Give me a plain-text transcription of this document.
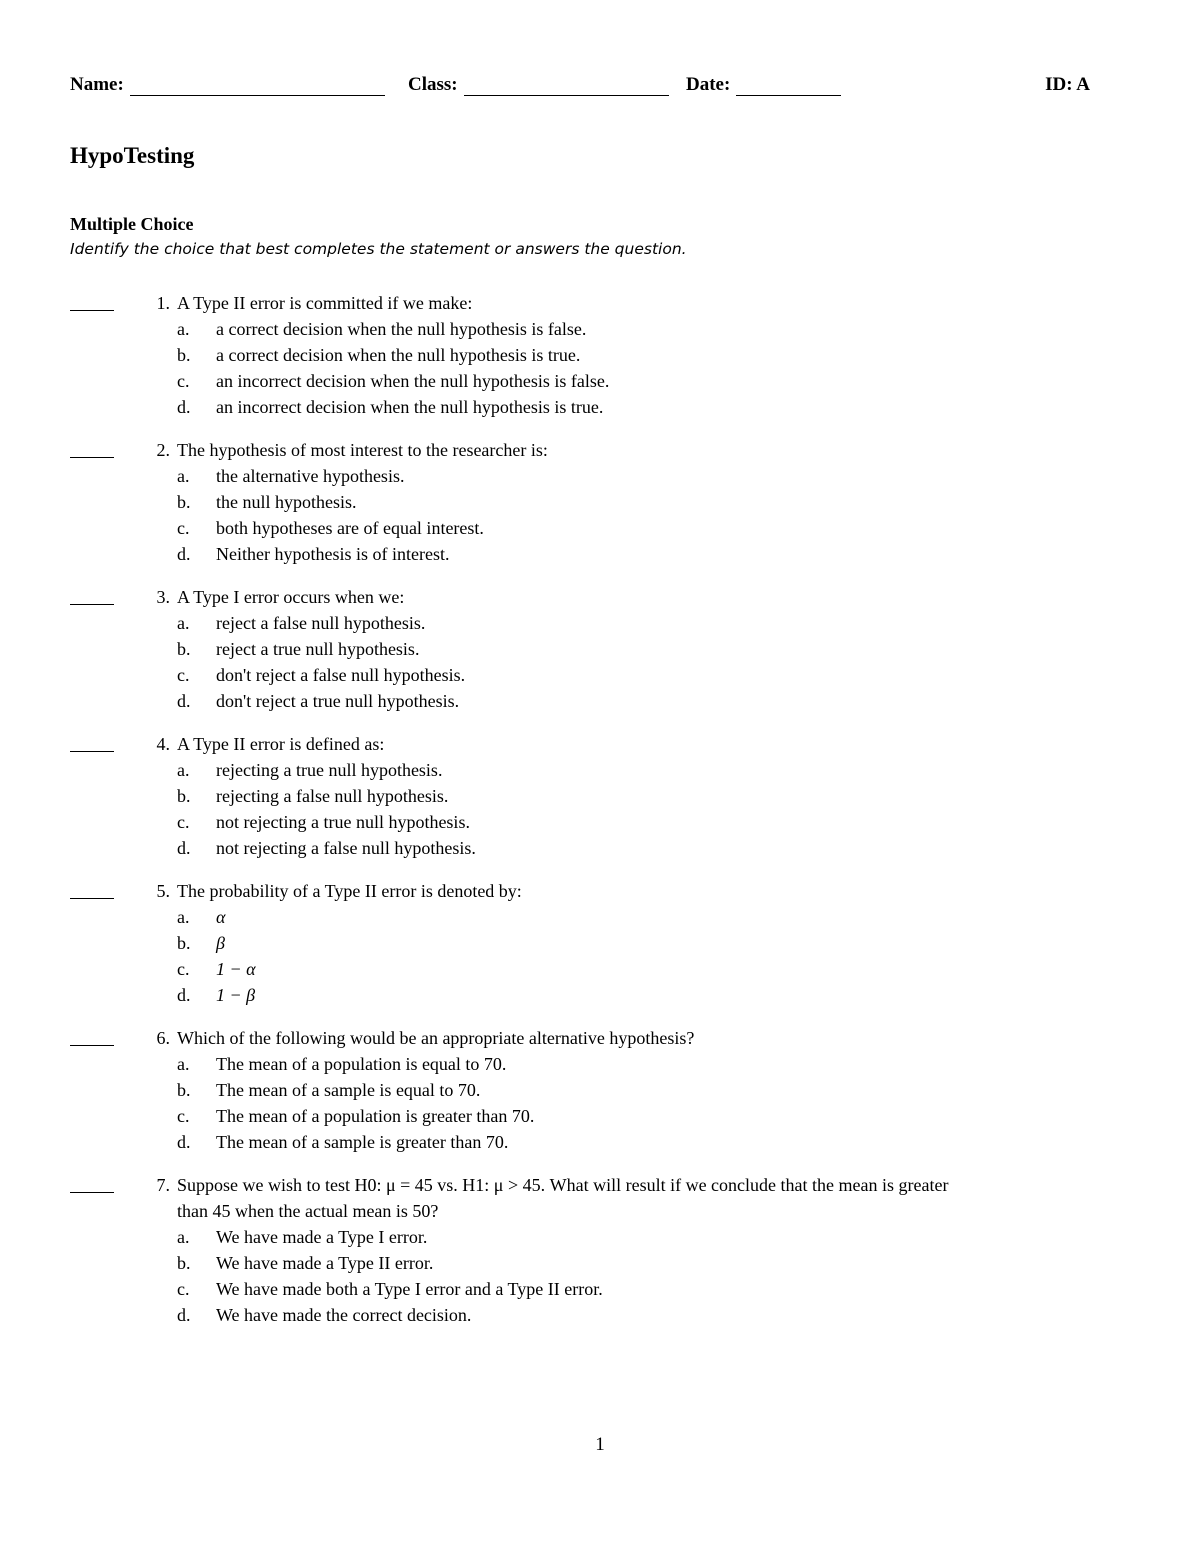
Name:	Class:	Date:	ID: A
HypoTesting
Multiple Choice
Identify the choice that best completes the statement or answers the question.
1. A Type II error is committed if we make:
a.	a correct decision when the null hypothesis is false.
b.	a correct decision when the null hypothesis is true.
c.	an incorrect decision when the null hypothesis is false.
d.	an incorrect decision when the null hypothesis is true.
2. The hypothesis of most interest to the researcher is:
a.	the alternative hypothesis.
b.	the null hypothesis.
c.	both hypotheses are of equal interest.
d.	Neither hypothesis is of interest.
3. A Type I error occurs when we:
a.	reject a false null hypothesis.
b.	reject a true null hypothesis.
c.	don't reject a false null hypothesis.
d.	don't reject a true null hypothesis.
4. A Type II error is defined as:
a.	rejecting a true null hypothesis.
b.	rejecting a false null hypothesis.
c.	not rejecting a true null hypothesis.
d.	not rejecting a false null hypothesis.
5. The probability of a Type II error is denoted by:
a.	α
b.	β
c.	1 − α
d.	1 − β
6. Which of the following would be an appropriate alternative hypothesis?
a.	The mean of a population is equal to 70.
b.	The mean of a sample is equal to 70.
c.	The mean of a population is greater than 70.
d.	The mean of a sample is greater than 70.
7. Suppose we wish to test H0: μ = 45 vs. H1: μ > 45. What will result if we conclude that the mean is greater
than 45 when the actual mean is 50?
a.	We have made a Type I error.
b.	We have made a Type II error.
c.	We have made both a Type I error and a Type II error.
d.	We have made the correct decision.
1
